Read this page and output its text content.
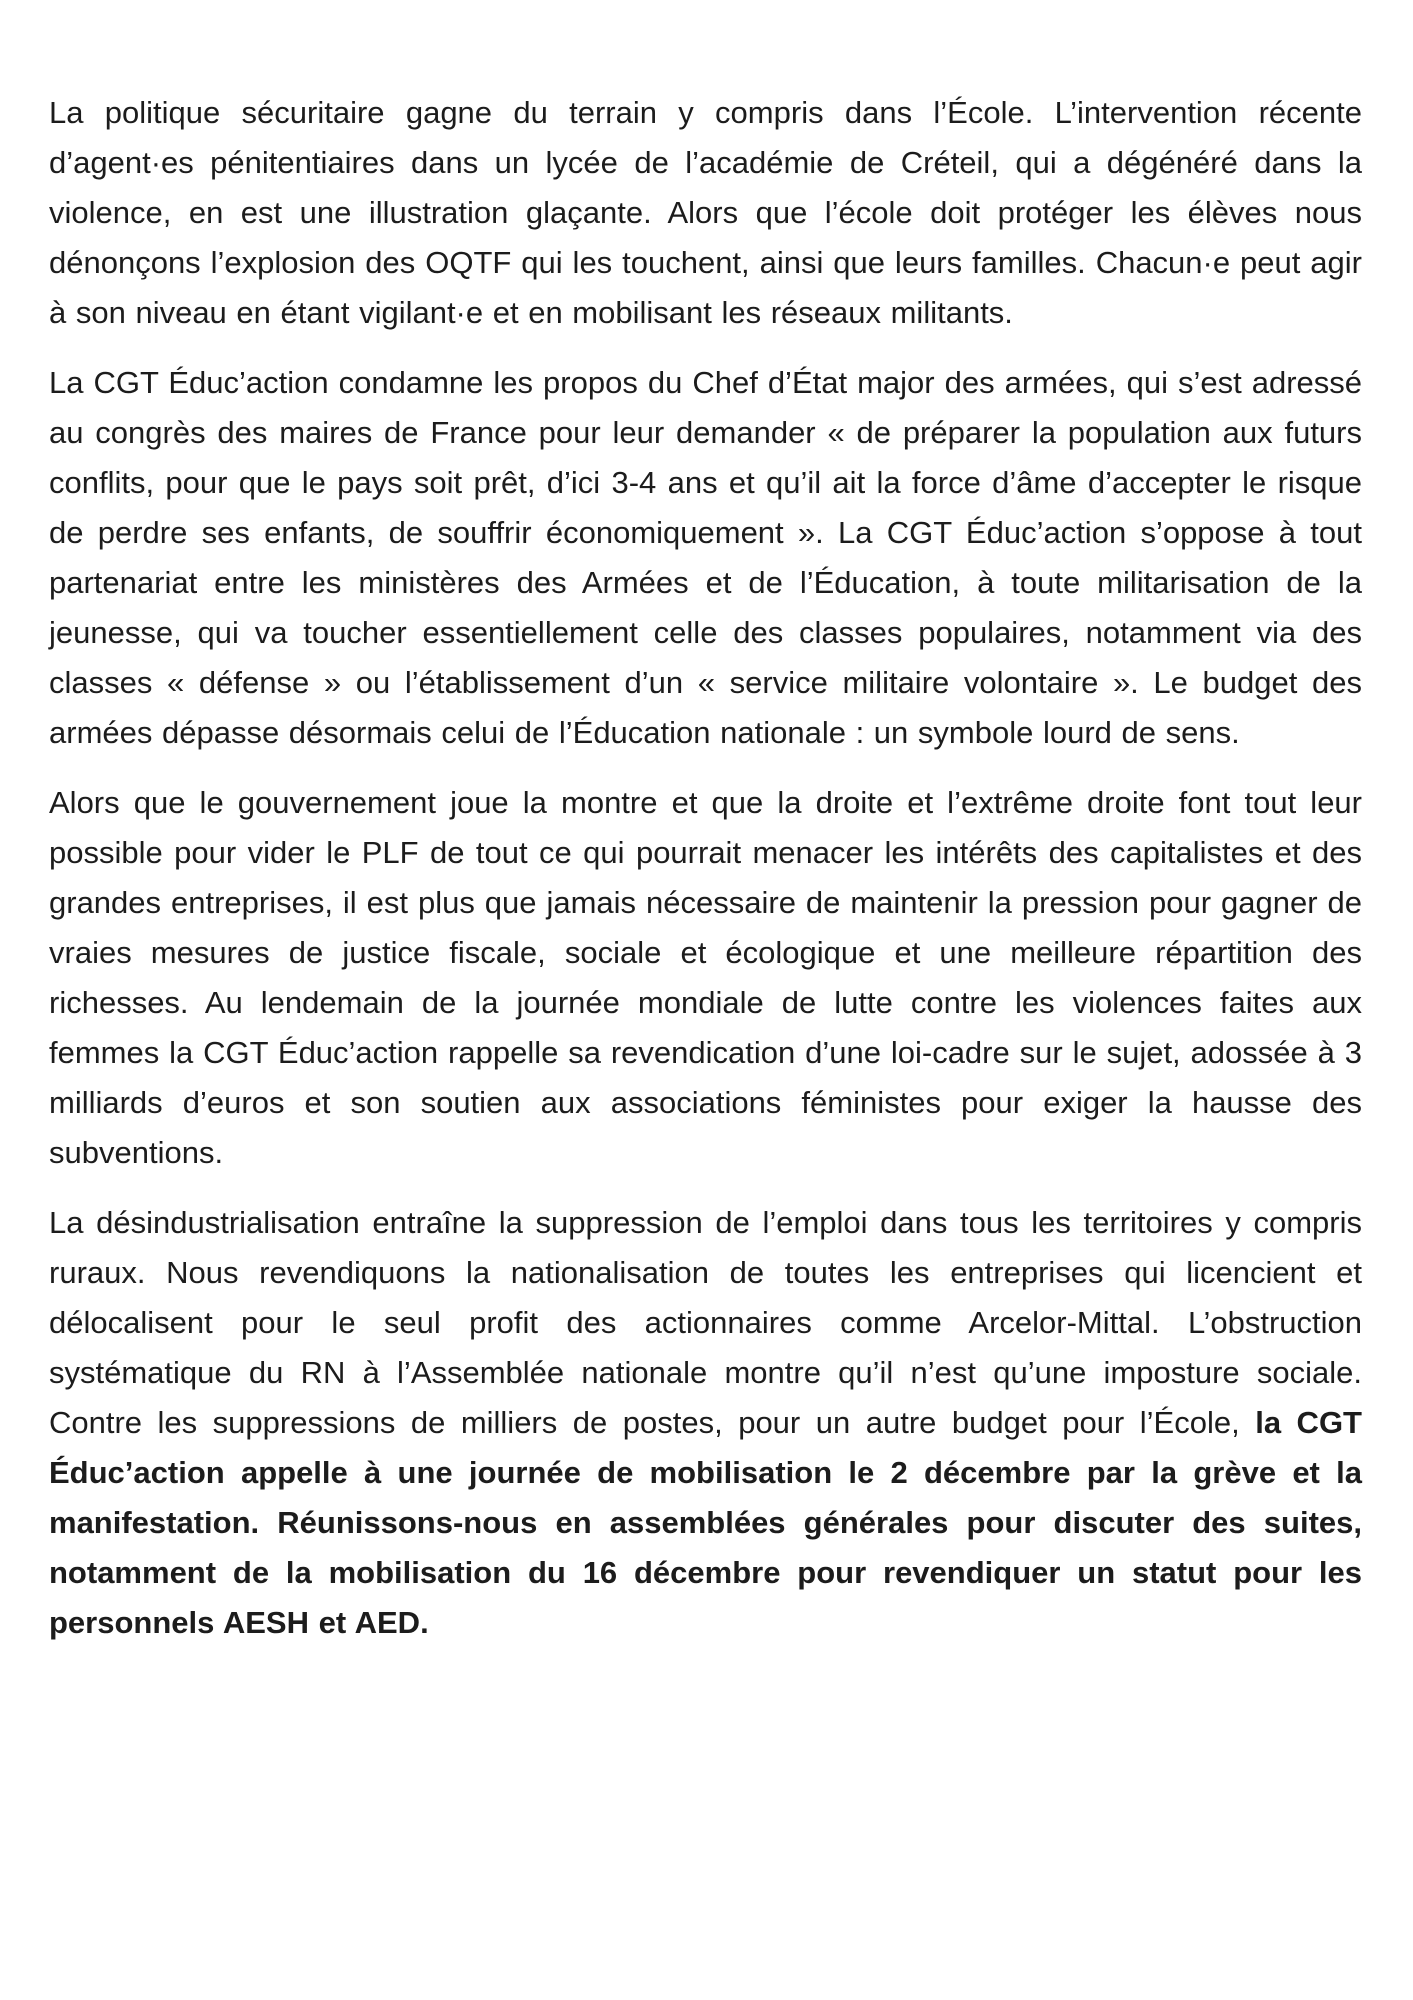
La politique sécuritaire gagne du terrain y compris dans l’École. L’intervention récente d’agent·es pénitentiaires dans un lycée de l’académie de Créteil, qui a dégénéré dans la violence, en est une illustration glaçante. Alors que l’école doit protéger les élèves nous dénonçons l’explosion des OQTF qui les touchent, ainsi que leurs familles. Chacun·e peut agir à son niveau en étant vigilant·e et en mobilisant les réseaux militants.

La CGT Éduc’action condamne les propos du Chef d’État major des armées, qui s’est adressé au congrès des maires de France pour leur demander « de préparer la population aux futurs conflits, pour que le pays soit prêt, d’ici 3-4 ans et qu’il ait la force d’âme d’accepter le risque de perdre ses enfants, de souffrir économiquement ». La CGT Éduc’action s’oppose à tout partenariat entre les ministères des Armées et de l’Éducation, à toute militarisation de la jeunesse, qui va toucher essentiellement celle des classes populaires, notamment via des classes « défense » ou l’établissement d’un « service militaire volontaire ». Le budget des armées dépasse désormais celui de l’Éducation nationale : un symbole lourd de sens.

Alors que le gouvernement joue la montre et que la droite et l’extrême droite font tout leur possible pour vider le PLF de tout ce qui pourrait menacer les intérêts des capitalistes et des grandes entreprises, il est plus que jamais nécessaire de maintenir la pression pour gagner de vraies mesures de justice fiscale, sociale et écologique et une meilleure répartition des richesses. Au lendemain de la journée mondiale de lutte contre les violences faites aux femmes la CGT Éduc’action rappelle sa revendication d’une loi-cadre sur le sujet, adossée à 3 milliards d’euros et son soutien aux associations féministes pour exiger la hausse des subventions.

La désindustrialisation entraîne la suppression de l’emploi dans tous les territoires y compris ruraux. Nous revendiquons la nationalisation de toutes les entreprises qui licencient et délocalisent pour le seul profit des actionnaires comme Arcelor-Mittal. L’obstruction systématique du RN à l’Assemblée nationale montre qu’il n’est qu’une imposture sociale. Contre les suppressions de milliers de postes, pour un autre budget pour l’École, la CGT Éduc’action appelle à une journée de mobilisation le 2 décembre par la grève et la manifestation. Réunissons-nous en assemblées générales pour discuter des suites, notamment de la mobilisation du 16 décembre pour revendiquer un statut pour les personnels AESH et AED.
